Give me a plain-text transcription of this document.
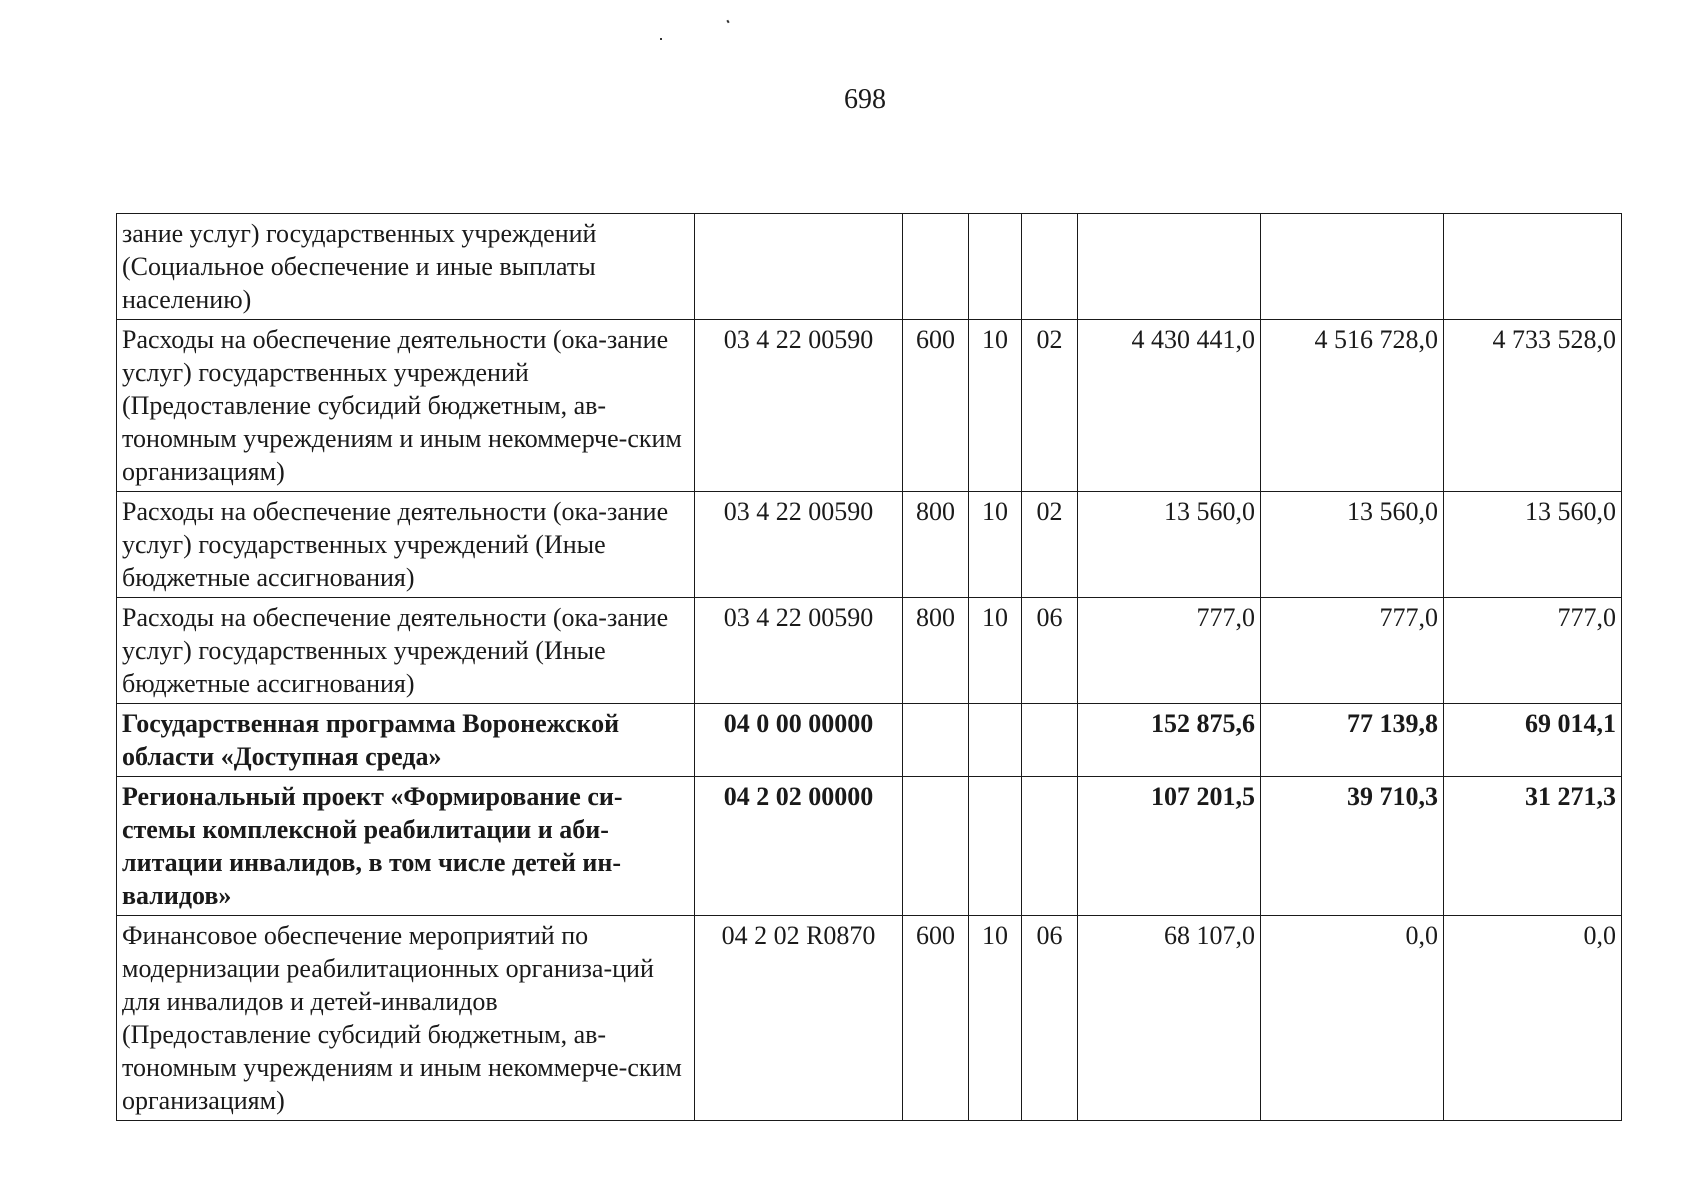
698
зание услуг) государственных учреждений (Социальное обеспечение и иные выплаты населению)							
Расходы на обеспечение деятельности (ока-зание услуг) государственных учреждений (Предоставление субсидий бюджетным, ав-тономным учреждениям и иным некоммерче-ским организациям)	03 4 22 00590	600	10	02	4 430 441,0	4 516 728,0	4 733 528,0
Расходы на обеспечение деятельности (ока-зание услуг) государственных учреждений (Иные бюджетные ассигнования)	03 4 22 00590	800	10	02	13 560,0	13 560,0	13 560,0
Расходы на обеспечение деятельности (ока-зание услуг) государственных учреждений (Иные бюджетные ассигнования)	03 4 22 00590	800	10	06	777,0	777,0	777,0
Государственная программа Воронежской области «Доступная среда»	04 0 00 00000				152 875,6	77 139,8	69 014,1
Региональный проект «Формирование си-стемы комплексной реабилитации и аби-литации инвалидов, в том числе детей ин-валидов»	04 2 02 00000				107 201,5	39 710,3	31 271,3
Финансовое обеспечение мероприятий по модернизации реабилитационных организа-ций для инвалидов и детей-инвалидов (Предоставление субсидий бюджетным, ав-тономным учреждениям и иным некоммерче-ским организациям)	04 2 02 R0870	600	10	06	68 107,0	0,0	0,0
